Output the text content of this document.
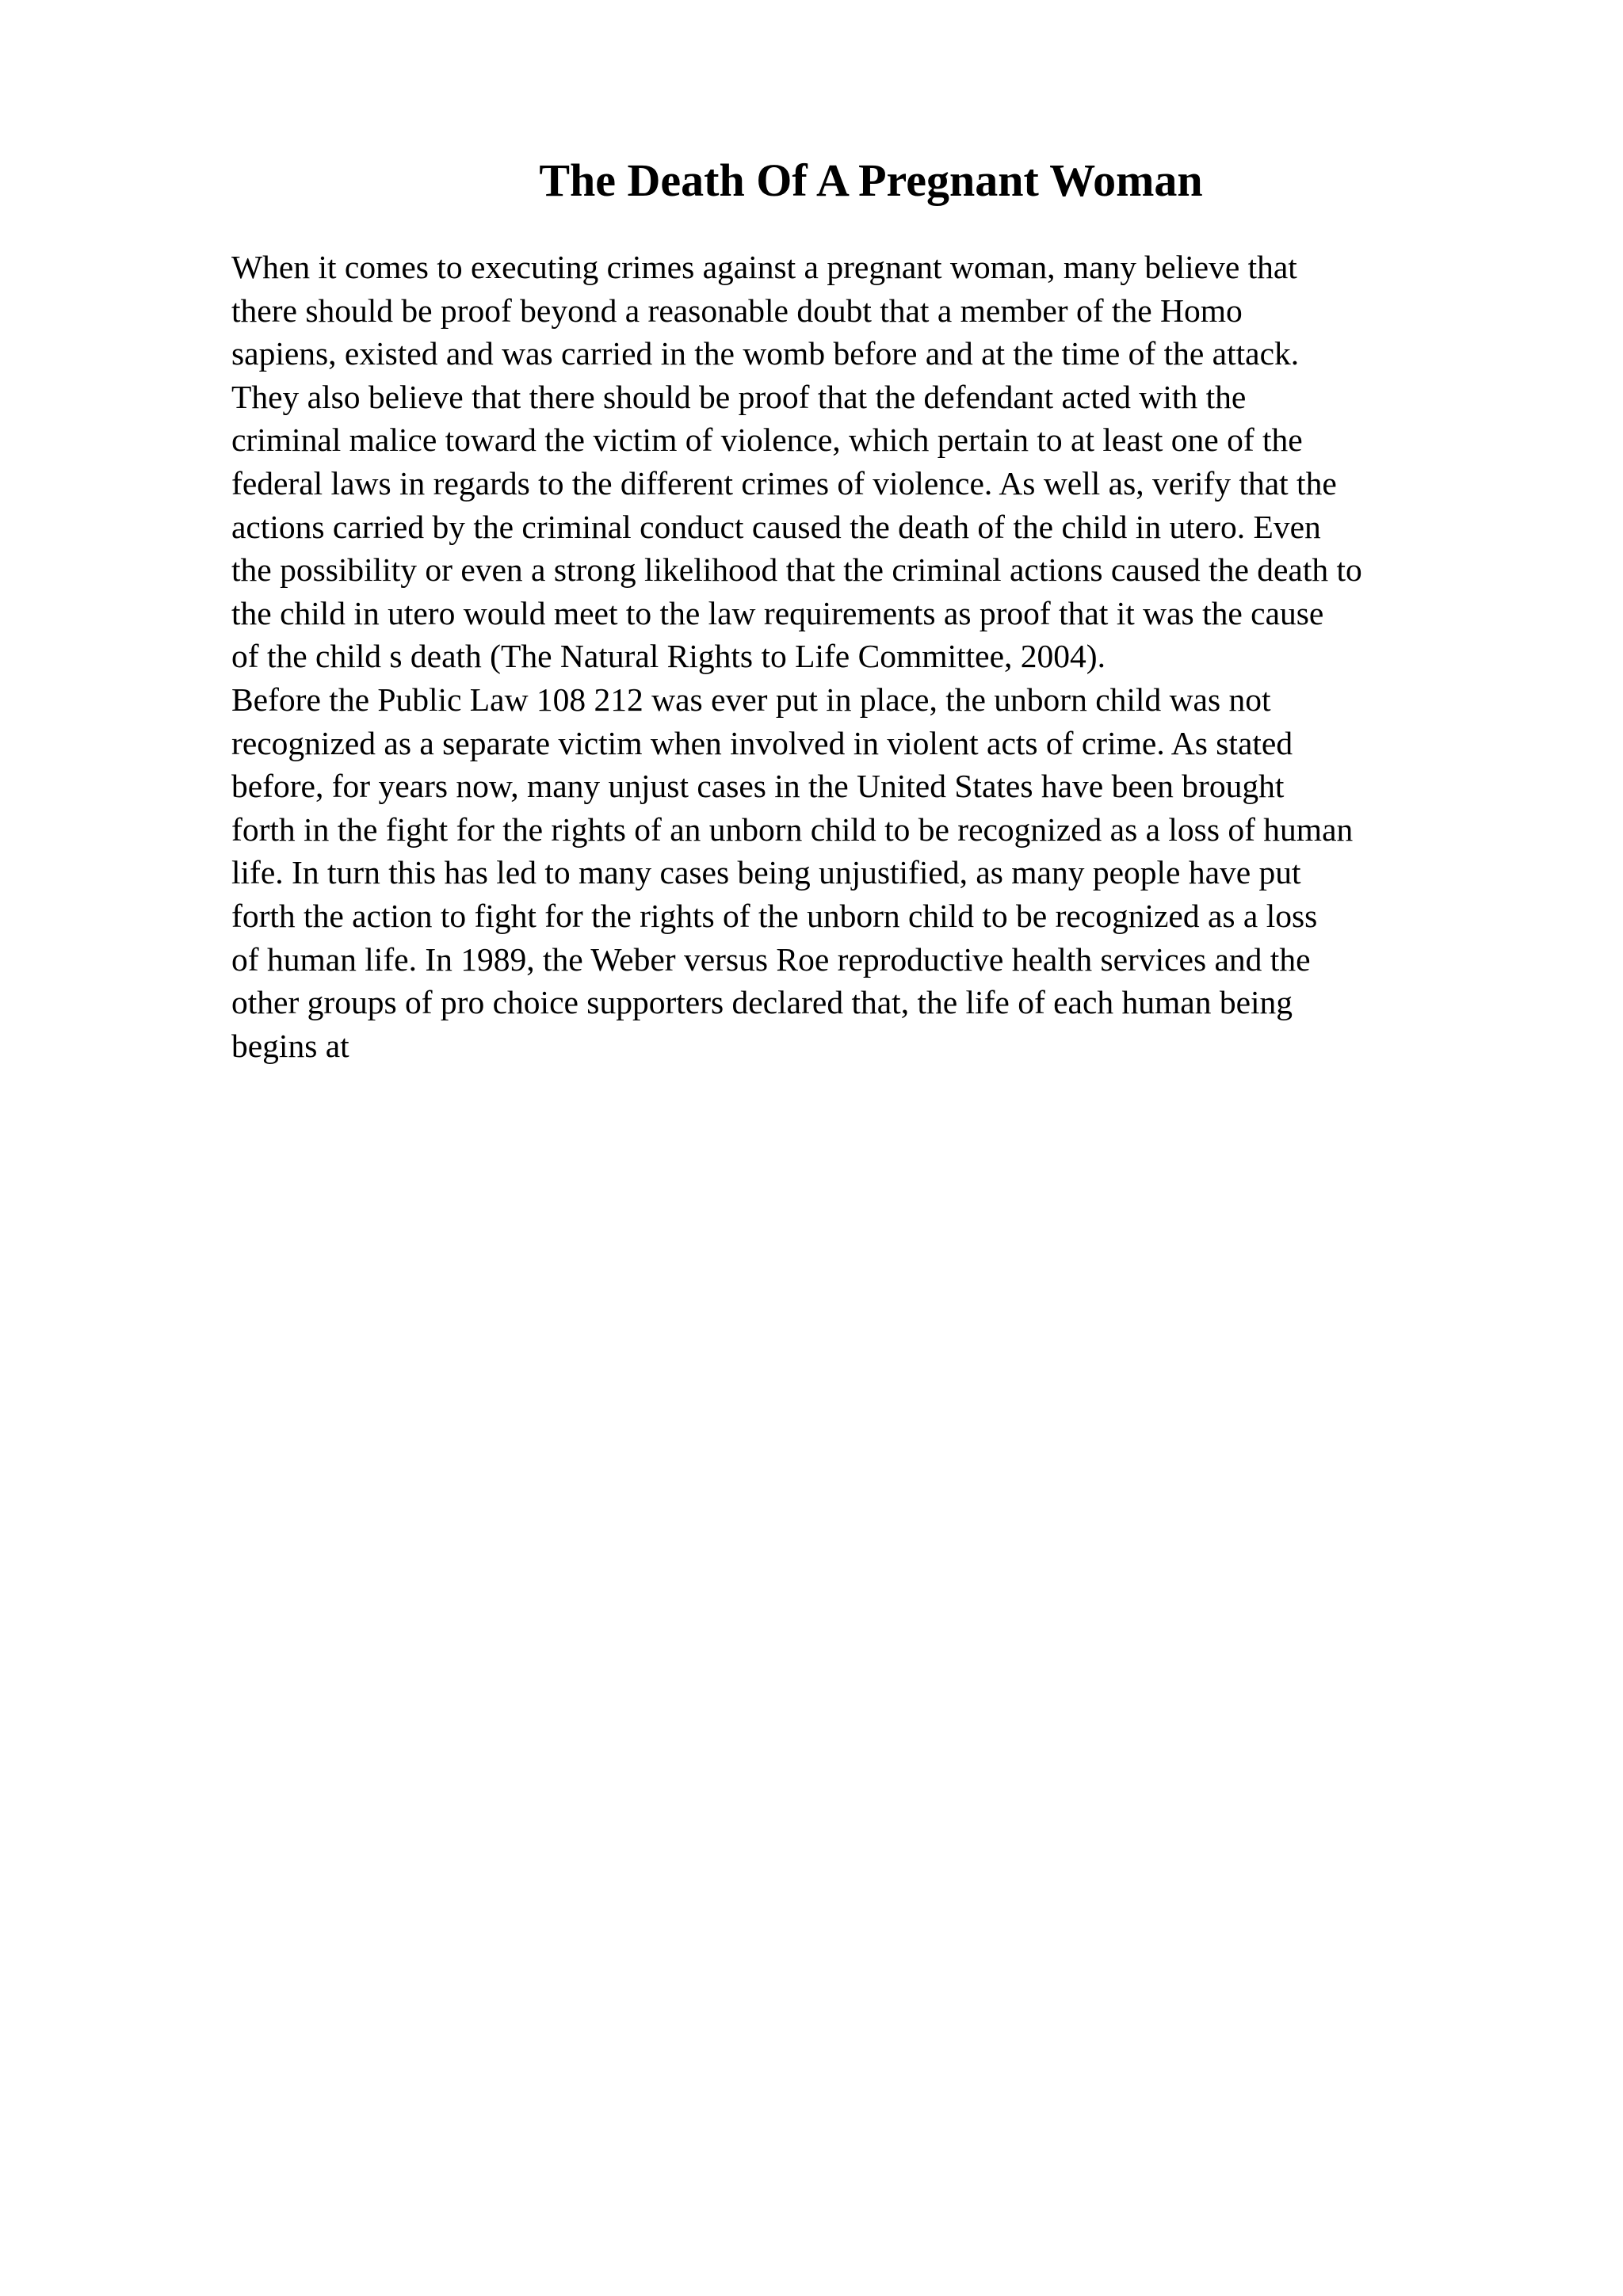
The Death Of A Pregnant Woman
When it comes to executing crimes against a pregnant woman, many believe that
there should be proof beyond a reasonable doubt that a member of the Homo
sapiens, existed and was carried in the womb before and at the time of the attack.
They also believe that there should be proof that the defendant acted with the
criminal malice toward the victim of violence, which pertain to at least one of the
federal laws in regards to the different crimes of violence. As well as, verify that the
actions carried by the criminal conduct caused the death of the child in utero. Even
the possibility or even a strong likelihood that the criminal actions caused the death to
the child in utero would meet to the law requirements as proof that it was the cause
of the child s death (The Natural Rights to Life Committee, 2004).
Before the Public Law 108 212 was ever put in place, the unborn child was not
recognized as a separate victim when involved in violent acts of crime. As stated
before, for years now, many unjust cases in the United States have been brought
forth in the fight for the rights of an unborn child to be recognized as a loss of human
life. In turn this has led to many cases being unjustified, as many people have put
forth the action to fight for the rights of the unborn child to be recognized as a loss
of human life. In 1989, the Weber versus Roe reproductive health services and the
other groups of pro choice supporters declared that, the life of each human being
begins at
